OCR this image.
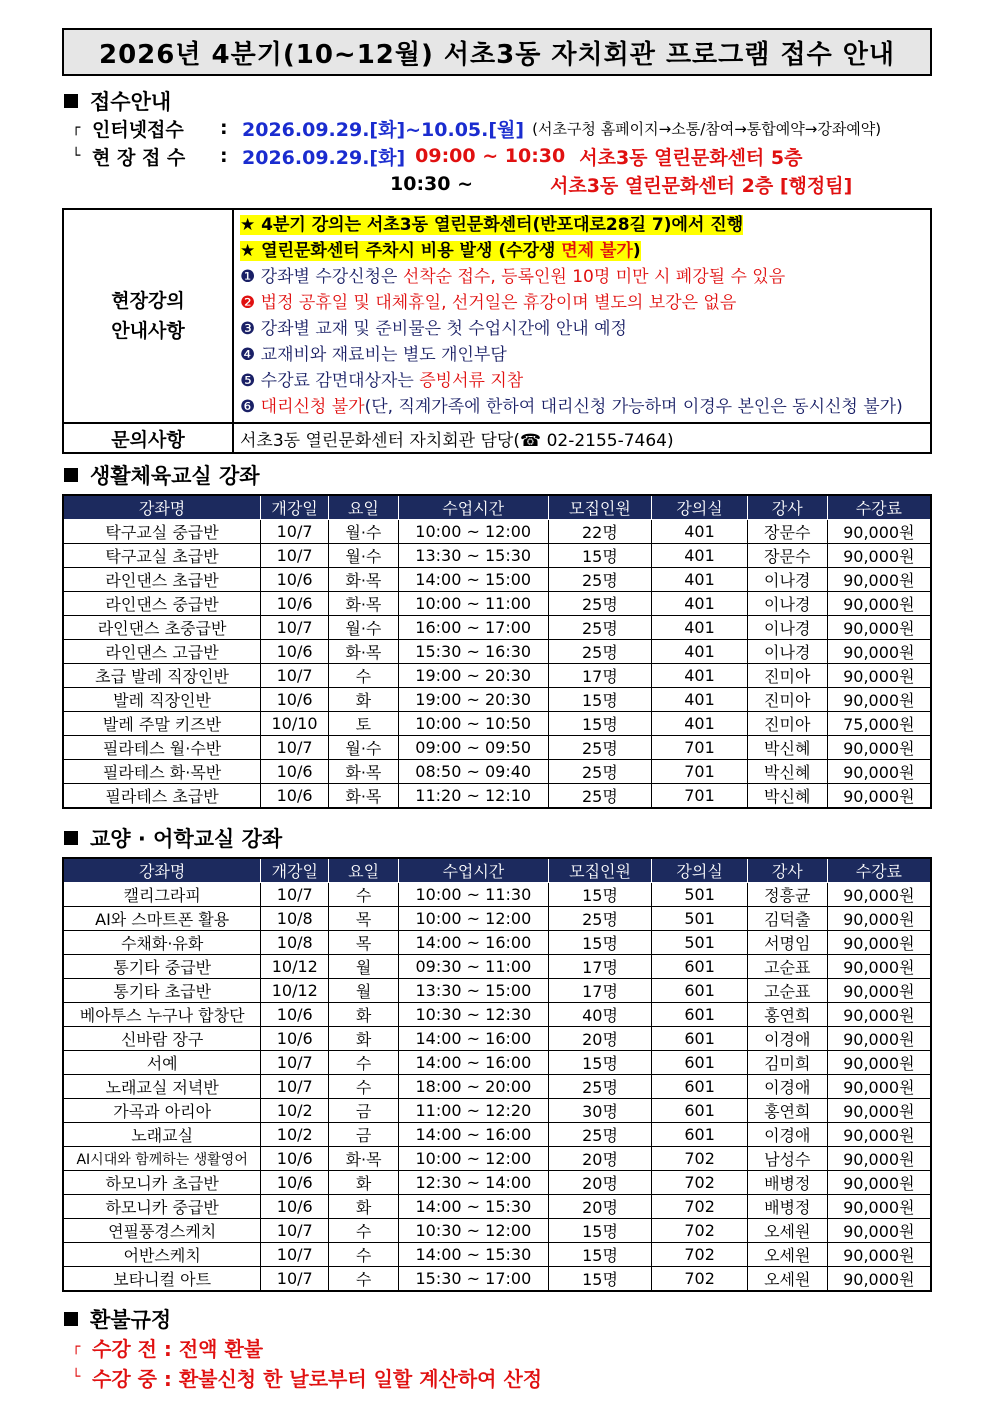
2026년 4분기(10~12월) 서초3동 자치회관 프로그램 접수 안내
접수안내
┌ 인터넷접수	: 2026.09.29.[화]~10.05.[월] (서초구청 홈페이지→소통/참여→통합예약→강좌예약)
└ 현 장 접 수	: 2026.09.29.[화] 09:00 ~ 10:30 서초3동 열린문화센터 5층
10:30 ~	서초3동 열린문화센터 2층 [행정팀]
현장강의
안내사항
★ 4분기 강의는 서초3동 열린문화센터(반포대로28길 7)에서 진행
★ 열린문화센터 주차시 비용 발생 (수강생 면제 불가)
❶ 강좌별 수강신청은 선착순 접수, 등록인원 10명 미만 시 폐강될 수 있음
❷ 법정 공휴일 및 대체휴일, 선거일은 휴강이며 별도의 보강은 없음
❸ 강좌별 교재 및 준비물은 첫 수업시간에 안내 예정
❹ 교재비와 재료비는 별도 개인부담
❺ 수강료 감면대상자는 증빙서류 지참
❻ 대리신청 불가(단, 직계가족에 한하여 대리신청 가능하며 이경우 본인은 동시신청 불가)
문의사항	서초3동 열린문화센터 자치회관 담당(☎ 02-2155-7464)
생활체육교실 강좌
강좌명	개강일	요일	수업시간	모집인원	강의실	강사	수강료
탁구교실 중급반	10/7	월·수	10:00 ~ 12:00	22명	401	장문수	90,000원
탁구교실 초급반	10/7	월·수	13:30 ~ 15:30	15명	401	장문수	90,000원
라인댄스 초급반	10/6	화·목	14:00 ~ 15:00	25명	401	이나경	90,000원
라인댄스 중급반	10/6	화·목	10:00 ~ 11:00	25명	401	이나경	90,000원
라인댄스 초중급반	10/7	월·수	16:00 ~ 17:00	25명	401	이나경	90,000원
라인댄스 고급반	10/6	화·목	15:30 ~ 16:30	25명	401	이나경	90,000원
초급 발레 직장인반	10/7	수	19:00 ~ 20:30	17명	401	진미아	90,000원
발레 직장인반	10/6	화	19:00 ~ 20:30	15명	401	진미아	90,000원
발레 주말 키즈반	10/10	토	10:00 ~ 10:50	15명	401	진미아	75,000원
필라테스 월·수반	10/7	월·수	09:00 ~ 09:50	25명	701	박신혜	90,000원
필라테스 화·목반	10/6	화·목	08:50 ~ 09:40	25명	701	박신혜	90,000원
필라테스 초급반	10/6	화·목	11:20 ~ 12:10	25명	701	박신혜	90,000원
교양 · 어학교실 강좌
강좌명	개강일	요일	수업시간	모집인원	강의실	강사	수강료
캘리그라피	10/7	수	10:00 ~ 11:30	15명	501	정흥균	90,000원
AI와 스마트폰 활용	10/8	목	10:00 ~ 12:00	25명	501	김덕출	90,000원
수채화·유화	10/8	목	14:00 ~ 16:00	15명	501	서명임	90,000원
통기타 중급반	10/12	월	09:30 ~ 11:00	17명	601	고순표	90,000원
통기타 초급반	10/12	월	13:30 ~ 15:00	17명	601	고순표	90,000원
베아투스 누구나 합창단	10/6	화	10:30 ~ 12:30	40명	601	홍연희	90,000원
신바람 장구	10/6	화	14:00 ~ 16:00	20명	601	이경애	90,000원
서예	10/7	수	14:00 ~ 16:00	15명	601	김미희	90,000원
노래교실 저녁반	10/7	수	18:00 ~ 20:00	25명	601	이경애	90,000원
가곡과 아리아	10/2	금	11:00 ~ 12:20	30명	601	홍연희	90,000원
노래교실	10/2	금	14:00 ~ 16:00	25명	601	이경애	90,000원
AI시대와 함께하는 생활영어	10/6	화·목	10:00 ~ 12:00	20명	702	남성수	90,000원
하모니카 초급반	10/6	화	12:30 ~ 14:00	20명	702	배병정	90,000원
하모니카 중급반	10/6	화	14:00 ~ 15:30	20명	702	배병정	90,000원
연필풍경스케치	10/7	수	10:30 ~ 12:00	15명	702	오세원	90,000원
어반스케치	10/7	수	14:00 ~ 15:30	15명	702	오세원	90,000원
보타니컬 아트	10/7	수	15:30 ~ 17:00	15명	702	오세원	90,000원
환불규정
┌ 수강 전 : 전액 환불
└ 수강 중 : 환불신청 한 날로부터 일할 계산하여 산정
